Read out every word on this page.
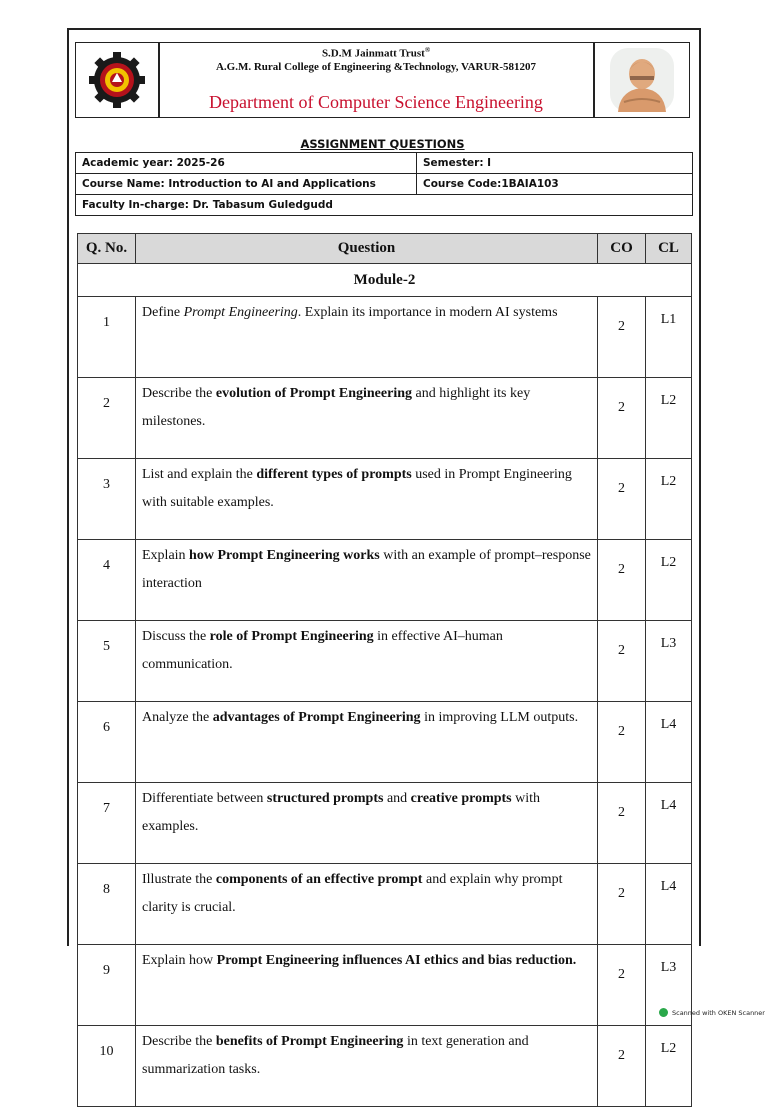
S.D.M Jainmatt Trust®
A.G.M. Rural College of Engineering &Technology, VARUR-581207
Department of Computer Science Engineering
ASSIGNMENT QUESTIONS
Academic year: 2025-26	Semester: I
Course Name: Introduction to AI and Applications	Course Code:1BAIA103
Faculty In-charge: Dr. Tabasum Guledgudd	
Q. No.	Question	CO	CL
Module-2			
1	Define Prompt Engineering. Explain its importance in modern AI systems	2	L1
2	Describe the evolution of Prompt Engineering and highlight its key milestones.	2	L2
3	List and explain the different types of prompts used in Prompt Engineering with suitable examples.	2	L2
4	Explain how Prompt Engineering works with an example of prompt–response interaction	2	L2
5	Discuss the role of Prompt Engineering in effective AI–human communication.	2	L3
6	Analyze the advantages of Prompt Engineering in improving LLM outputs.	2	L4
7	Differentiate between structured prompts and creative prompts with examples.	2	L4
8	Illustrate the components of an effective prompt and explain why prompt clarity is crucial.	2	L4
9	Explain how Prompt Engineering influences AI ethics and bias reduction.	2	L3
10	Describe the benefits of Prompt Engineering in text generation and summarization tasks.	2	L2
Scanned with OKEN Scanner
